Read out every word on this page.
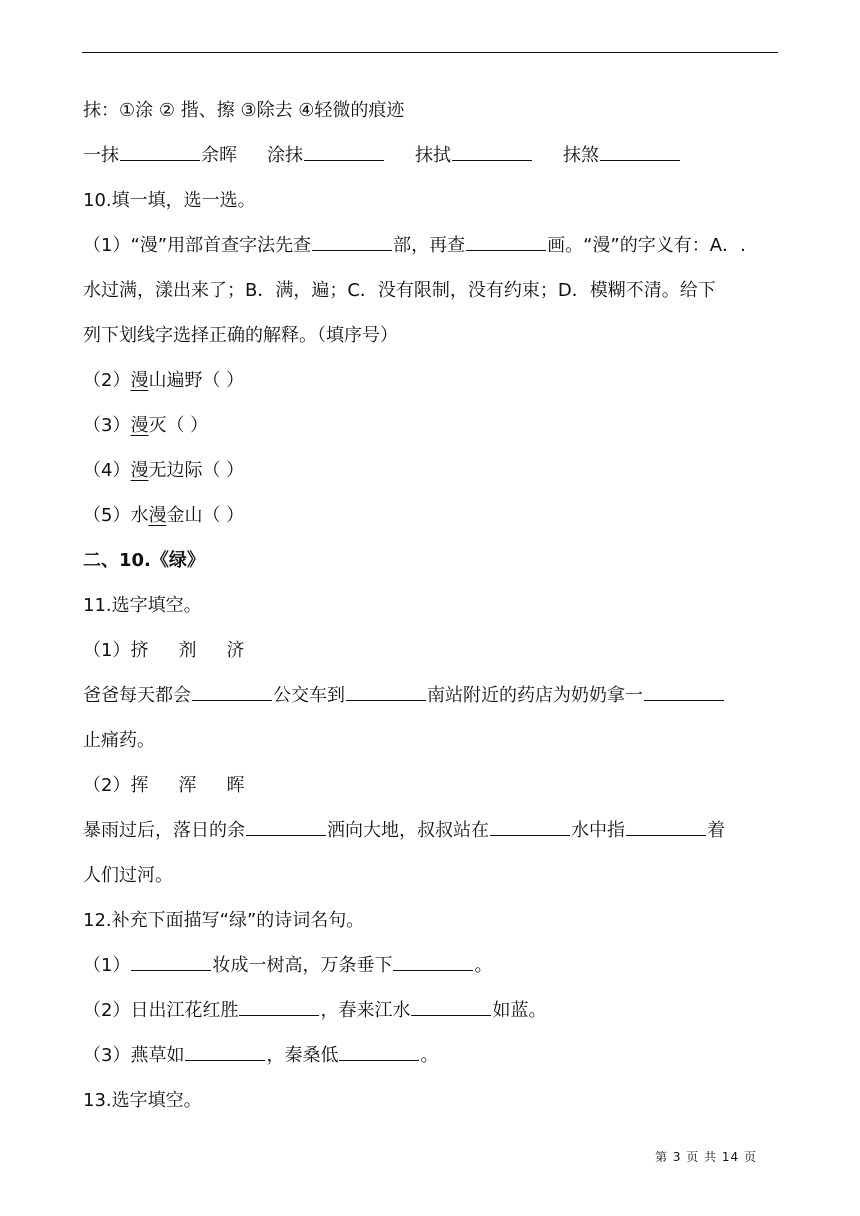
抹：①涂 ② 揩、擦 ③除去 ④轻微的痕迹
一抹	余晖 涂抹	抹拭	抹煞
10.填一填，选一选。
（1）“漫”用部首查字法先查	部，再查	画。“漫”的字义有：A．.
水过满，漾出来了；B．满，遍；C．没有限制，没有约束；D．模糊不清。给下
列下划线字选择正确的解释。（填序号）
（2）漫山遍野（ ）
（3）漫灭（ ）
（4）漫无边际（ ）
（5）水漫金山（ ）
二、10.《绿》
11.选字填空。
（1）挤 剂 济
爸爸每天都会	公交车到	南站附近的药店为奶奶拿一
止痛药。
（2）挥 浑 晖
暴雨过后，落日的余	洒向大地，叔叔站在	水中指	着
人们过河。
12.补充下面描写“绿”的诗词名句。
（1）	妆成一树高，万条垂下	。
（2）日出江花红胜	，春来江水	如蓝。
（3）燕草如	，秦桑低	。
13.选字填空。
第 3 页 共 14 页
